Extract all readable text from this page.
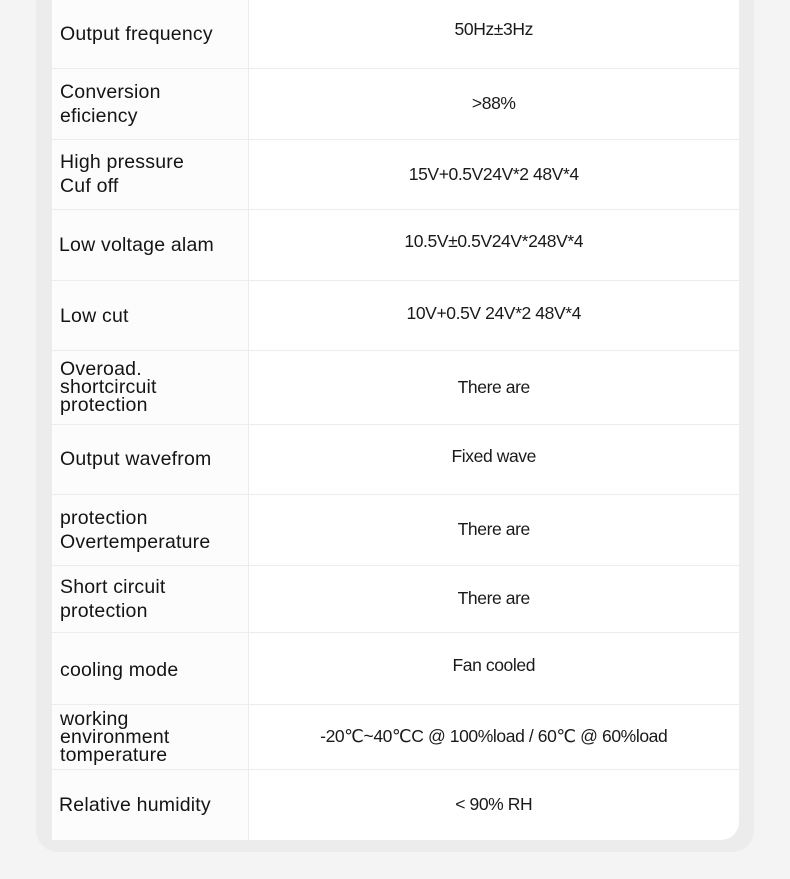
Output frequency	50Hz±3Hz

Conversion
eficiency	>88%

High pressure
Cuf off	15V+0.5V24V*2 48V*4

Low voltage alam	10.5V±0.5V24V*248V*4

Low cut	10V+0.5V 24V*2 48V*4

Overoad.
shortcircuit
protection	There are

Output wavefrom	Fixed wave

protection
Overtemperature	There are

Short circuit
protection	There are

cooling mode	Fan cooled

working
environment
tomperature	-20℃~40℃C @ 100%load / 60℃ @ 60%load

Relative humidity	< 90% RH
